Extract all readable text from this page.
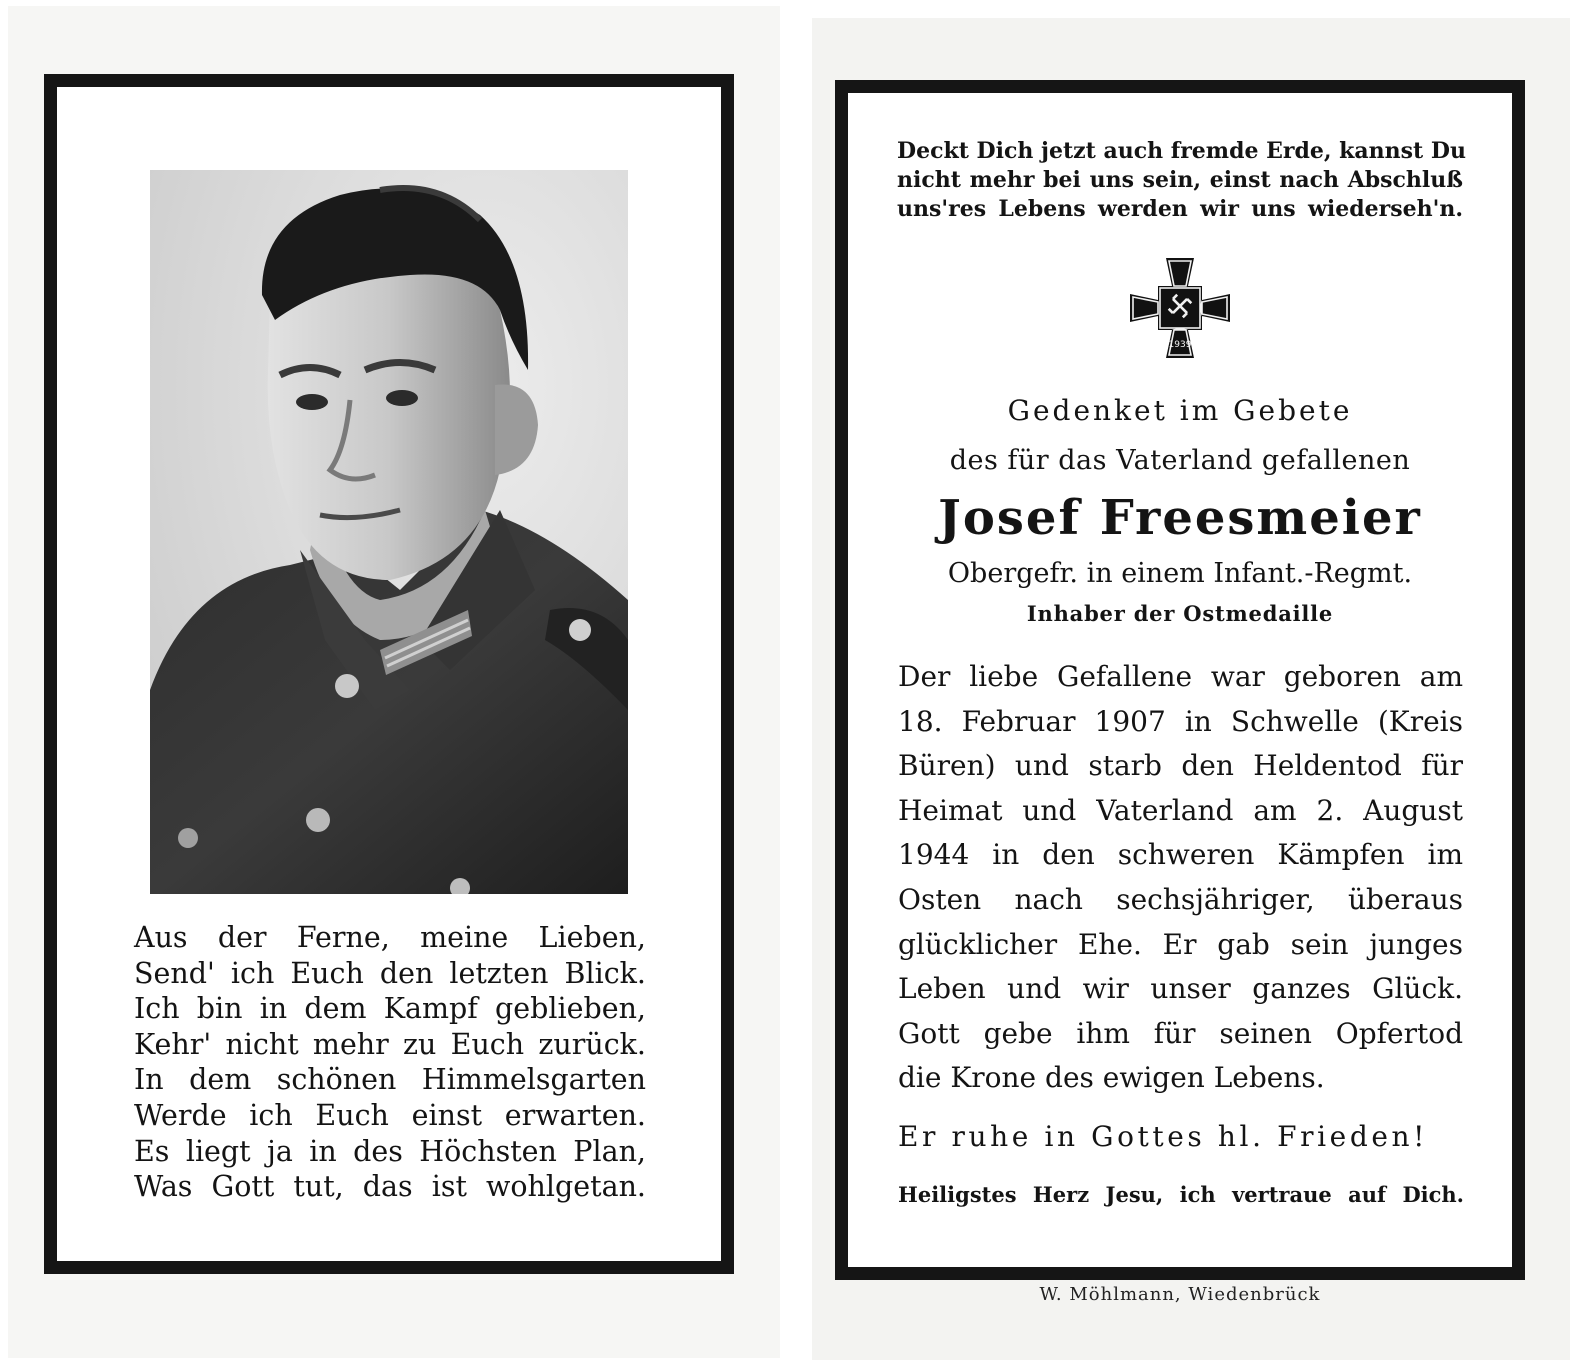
Aus der Ferne, meine Lieben,
Send' ich Euch den letzten Blick.
Ich bin in dem Kampf geblieben,
Kehr' nicht mehr zu Euch zurück.
In dem schönen Himmelsgarten
Werde ich Euch einst erwarten.
Es liegt ja in des Höchsten Plan,
Was Gott tut, das ist wohlgetan.
Deckt Dich jetzt auch fremde Erde, kannst Du
nicht mehr bei uns sein, einst nach Abschluß
uns'res Lebens werden wir uns wiederseh'n.
1939
Gedenket im Gebete
des für das Vaterland gefallenen
Josef Freesmeier
Obergefr. in einem Infant.-Regmt.
Inhaber der Ostmedaille
Der liebe Gefallene war geboren am
18. Februar 1907 in Schwelle (Kreis
Büren) und starb den Heldentod für
Heimat und Vaterland am 2. August
1944 in den schweren Kämpfen im
Osten nach sechsjähriger, überaus
glücklicher Ehe. Er gab sein junges
Leben und wir unser ganzes Glück.
Gott gebe ihm für seinen Opfertod
die Krone des ewigen Lebens.
Er ruhe in Gottes hl. Frieden!
Heiligstes Herz Jesu, ich vertraue auf Dich.
W. Möhlmann, Wiedenbrück
